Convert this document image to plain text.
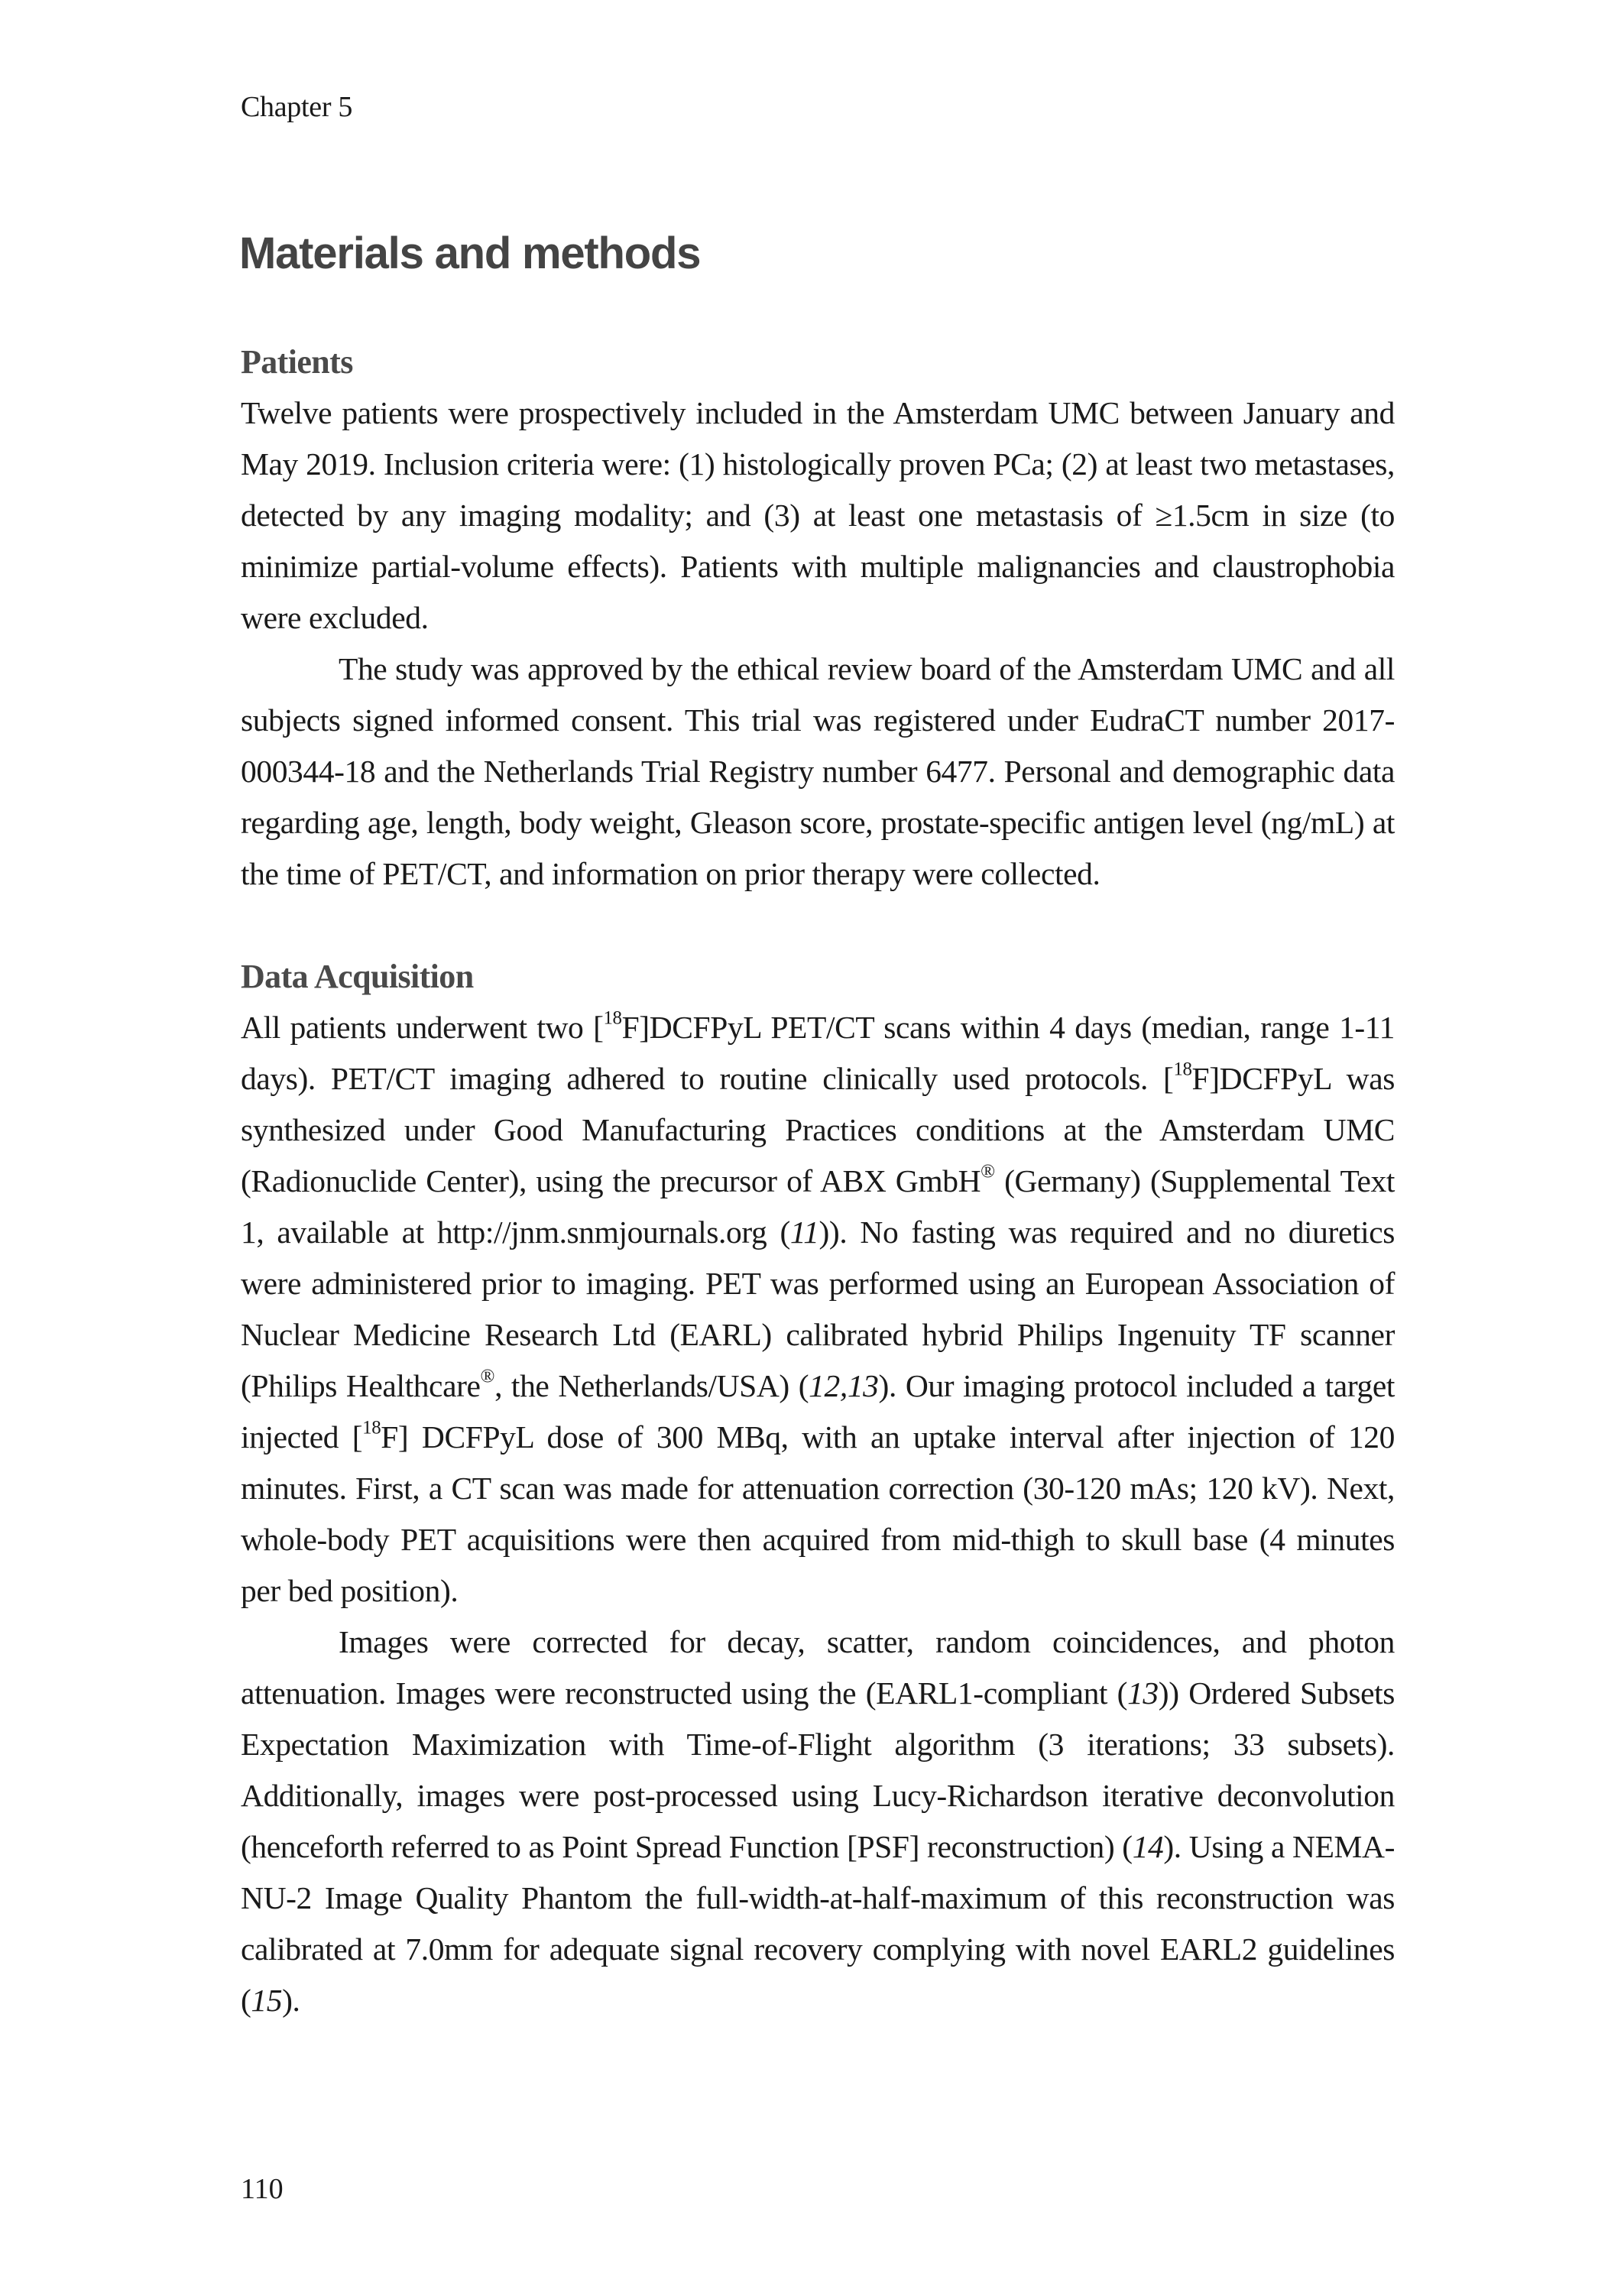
Chapter 5
Materials and methods
Patients

Twelve patients were prospectively included in the Amsterdam UMC between January and May 2019. Inclusion criteria were: (1) histologically proven PCa; (2) at least two metastases, detected by any imaging modality; and (3) at least one metastasis of ≥1.5cm in size (to minimize partial-volume effects). Patients with multiple malignancies and claustrophobia were excluded.

The study was approved by the ethical review board of the Amsterdam UMC and all subjects signed informed consent. This trial was registered under EudraCT number 2017-000344-18 and the Netherlands Trial Registry number 6477. Personal and demographic data regarding age, length, body weight, Gleason score, prostate-specific antigen level (ng/mL) at the time of PET/CT, and information on prior therapy were collected.

Data Acquisition

All patients underwent two [$^{18}$F]DCFPyL PET/CT scans within 4 days (median, range 1-11 days). PET/CT imaging adhered to routine clinically used protocols. [$^{18}$F]DCFPyL was synthesized under Good Manufacturing Practices conditions at the Amsterdam UMC (Radionuclide Center), using the precursor of ABX GmbH® (Germany) (Supplemental Text 1, available at http://jnm.snmjournals.org (11)). No fasting was required and no diuretics were administered prior to imaging. PET was performed using an European Association of Nuclear Medicine Research Ltd (EARL) calibrated hybrid Philips Ingenuity TF scanner (Philips Healthcare®, the Netherlands/USA) (12,13). Our imaging protocol included a target injected [$^{18}$F] DCFPyL dose of 300 MBq, with an uptake interval after injection of 120 minutes. First, a CT scan was made for attenuation correction (30-120 mAs; 120 kV). Next, whole-body PET acquisitions were then acquired from mid-thigh to skull base (4 minutes per bed position).

Images were corrected for decay, scatter, random coincidences, and photon attenuation. Images were reconstructed using the (EARL1-compliant (13)) Ordered Subsets Expectation Maximization with Time-of-Flight algorithm (3 iterations; 33 subsets). Additionally, images were post-processed using Lucy-Richardson iterative deconvolution (henceforth referred to as Point Spread Function [PSF] reconstruction) (14). Using a NEMA-NU-2 Image Quality Phantom the full-width-at-half-maximum of this reconstruction was calibrated at 7.0mm for adequate signal recovery complying with novel EARL2 guidelines (15).

110
